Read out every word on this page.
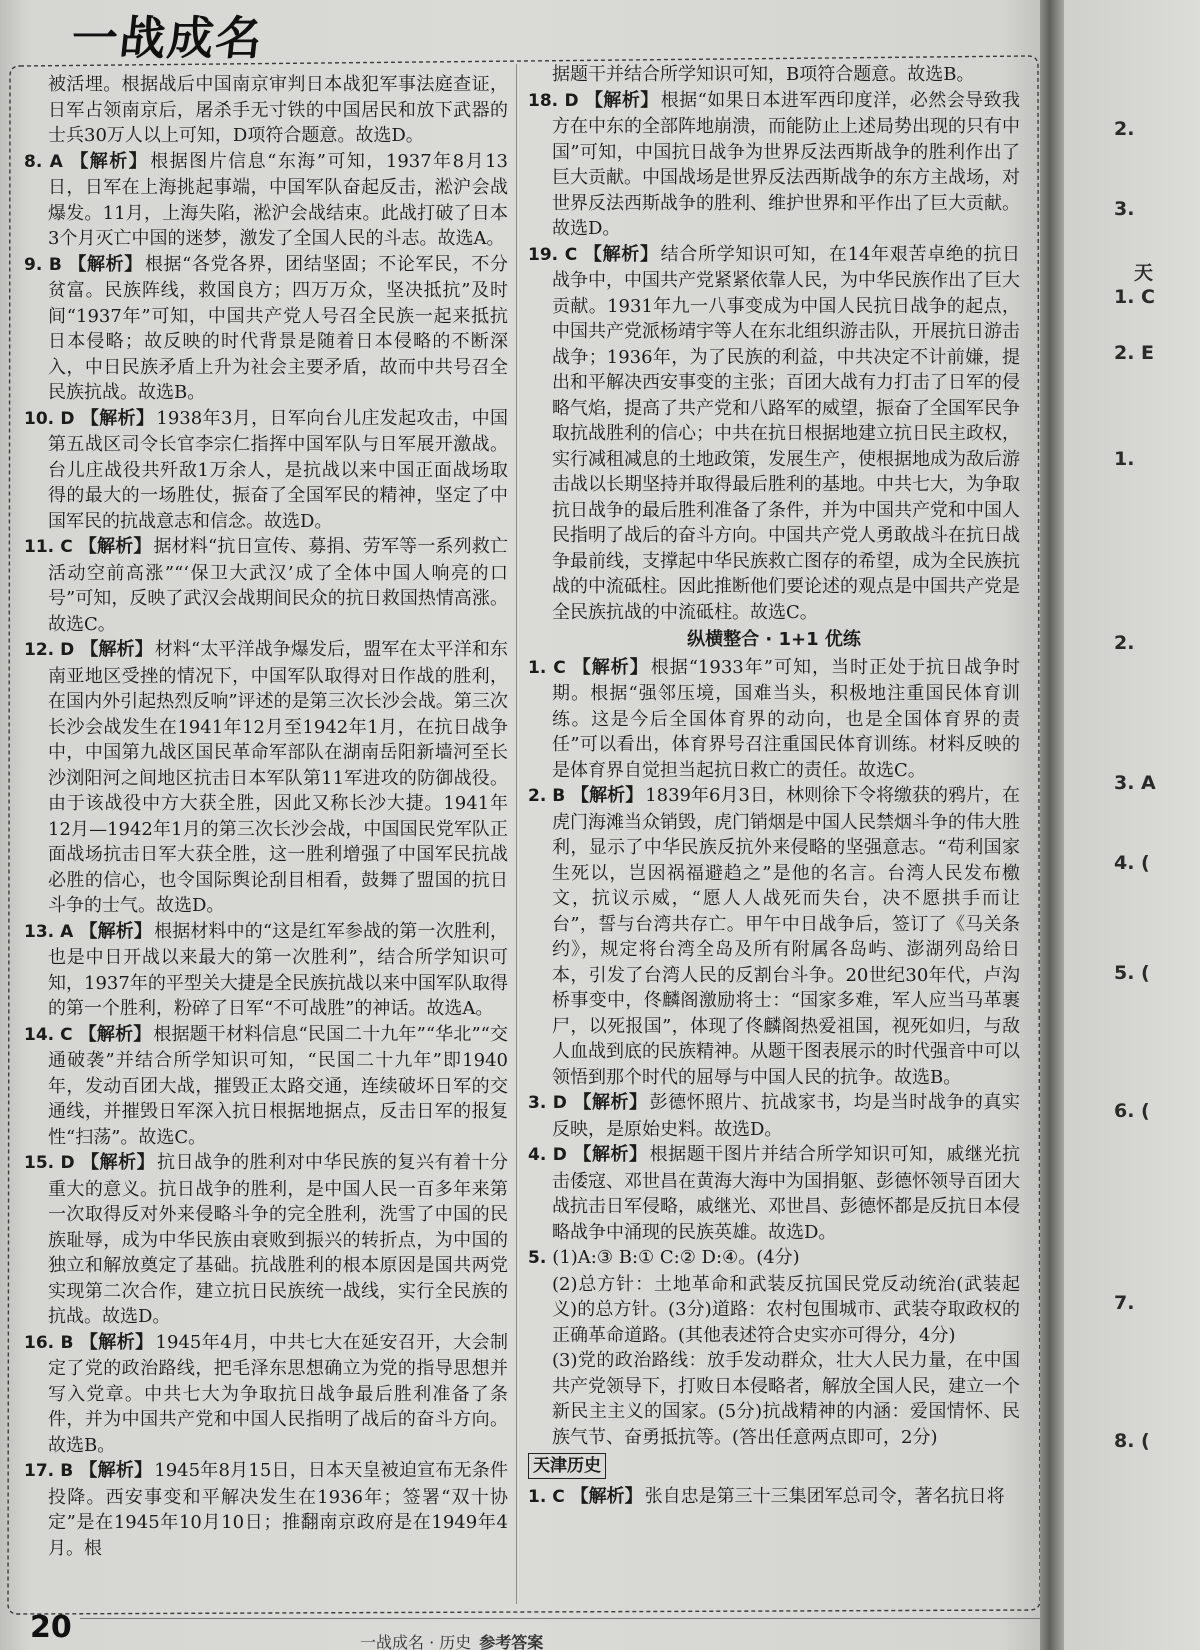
一战成名

被活埋。根据战后中国南京审判日本战犯军事法庭查证，日军占领南京后，屠杀手无寸铁的中国居民和放下武器的士兵30万人以上可知，D项符合题意。故选D。

8. A 【解析】 根据图片信息“东海”可知，1937年8月13日，日军在上海挑起事端，中国军队奋起反击，淞沪会战爆发。11月，上海失陷，淞沪会战结束。此战打破了日本3个月灭亡中国的迷梦，激发了全国人民的斗志。故选A。

9. B 【解析】 根据“各党各界，团结坚固；不论军民，不分贫富。民族阵线，救国良方；四万万众，坚决抵抗”及时间“1937年”可知，中国共产党人号召全民族一起来抵抗日本侵略；故反映的时代背景是随着日本侵略的不断深入，中日民族矛盾上升为社会主要矛盾，故而中共号召全民族抗战。故选B。

10. D 【解析】 1938年3月，日军向台儿庄发起攻击，中国第五战区司令长官李宗仁指挥中国军队与日军展开激战。台儿庄战役共歼敌1万余人，是抗战以来中国正面战场取得的最大的一场胜仗，振奋了全国军民的精神，坚定了中国军民的抗战意志和信念。故选D。

11. C 【解析】 据材料“抗日宣传、募捐、劳军等一系列救亡活动空前高涨”“‘保卫大武汉’成了全体中国人响亮的口号”可知，反映了武汉会战期间民众的抗日救国热情高涨。故选C。

12. D 【解析】 材料“太平洋战争爆发后，盟军在太平洋和东南亚地区受挫的情况下，中国军队取得对日作战的胜利，在国内外引起热烈反响”评述的是第三次长沙会战。第三次长沙会战发生在1941年12月至1942年1月，在抗日战争中，中国第九战区国民革命军部队在湖南岳阳新墙河至长沙浏阳河之间地区抗击日本军队第11军进攻的防御战役。由于该战役中方大获全胜，因此又称长沙大捷。1941年12月—1942年1月的第三次长沙会战，中国国民党军队正面战场抗击日军大获全胜，这一胜利增强了中国军民抗战必胜的信心，也令国际舆论刮目相看，鼓舞了盟国的抗日斗争的士气。故选D。

13. A 【解析】 根据材料中的“这是红军参战的第一次胜利，也是中日开战以来最大的第一次胜利”，结合所学知识可知，1937年的平型关大捷是全民族抗战以来中国军队取得的第一个胜利，粉碎了日军“不可战胜”的神话。故选A。

14. C 【解析】 根据题干材料信息“民国二十九年”“华北”“交通破袭”并结合所学知识可知，“民国二十九年”即1940年，发动百团大战，摧毁正太路交通，连续破坏日军的交通线，并摧毁日军深入抗日根据地据点，反击日军的报复性“扫荡”。故选C。

15. D 【解析】 抗日战争的胜利对中华民族的复兴有着十分重大的意义。抗日战争的胜利，是中国人民一百多年来第一次取得反对外来侵略斗争的完全胜利，洗雪了中国的民族耻辱，成为中华民族由衰败到振兴的转折点，为中国的独立和解放奠定了基础。抗战胜利的根本原因是国共两党实现第二次合作，建立抗日民族统一战线，实行全民族的抗战。故选D。

16. B 【解析】 1945年4月，中共七大在延安召开，大会制定了党的政治路线，把毛泽东思想确立为党的指导思想并写入党章。中共七大为争取抗日战争最后胜利准备了条件，并为中国共产党和中国人民指明了战后的奋斗方向。故选B。

17. B 【解析】 1945年8月15日，日本天皇被迫宣布无条件投降。西安事变和平解决发生在1936年；签署“双十协定”是在1945年10月10日；推翻南京政府是在1949年4月。根

据题干并结合所学知识可知，B项符合题意。故选B。

18. D 【解析】 根据“如果日本进军西印度洋，必然会导致我方在中东的全部阵地崩溃，而能防止上述局势出现的只有中国”可知，中国抗日战争为世界反法西斯战争的胜利作出了巨大贡献。中国战场是世界反法西斯战争的东方主战场，对世界反法西斯战争的胜利、维护世界和平作出了巨大贡献。故选D。

19. C 【解析】 结合所学知识可知，在14年艰苦卓绝的抗日战争中，中国共产党紧紧依靠人民，为中华民族作出了巨大贡献。1931年九一八事变成为中国人民抗日战争的起点，中国共产党派杨靖宇等人在东北组织游击队，开展抗日游击战争；1936年，为了民族的利益，中共决定不计前嫌，提出和平解决西安事变的主张；百团大战有力打击了日军的侵略气焰，提高了共产党和八路军的威望，振奋了全国军民争取抗战胜利的信心；中共在抗日根据地建立抗日民主政权，实行减租减息的土地政策，发展生产，使根据地成为敌后游击战以长期坚持并取得最后胜利的基地。中共七大，为争取抗日战争的最后胜利准备了条件，并为中国共产党和中国人民指明了战后的奋斗方向。中国共产党人勇敢战斗在抗日战争最前线，支撑起中华民族救亡图存的希望，成为全民族抗战的中流砥柱。因此推断他们要论述的观点是中国共产党是全民族抗战的中流砥柱。故选C。

纵横整合 · 1+1 优练

1. C 【解析】 根据“1933年”可知，当时正处于抗日战争时期。根据“强邻压境，国难当头，积极地注重国民体育训练。这是今后全国体育界的动向，也是全国体育界的责任”可以看出，体育界号召注重国民体育训练。材料反映的是体育界自觉担当起抗日救亡的责任。故选C。

2. B 【解析】 1839年6月3日，林则徐下令将缴获的鸦片，在虎门海滩当众销毁，虎门销烟是中国人民禁烟斗争的伟大胜利，显示了中华民族反抗外来侵略的坚强意志。“苟利国家生死以，岂因祸福避趋之”是他的名言。台湾人民发布檄文，抗议示威，“愿人人战死而失台，决不愿拱手而让台”，誓与台湾共存亡。甲午中日战争后，签订了《马关条约》，规定将台湾全岛及所有附属各岛屿、澎湖列岛给日本，引发了台湾人民的反割台斗争。20世纪30年代，卢沟桥事变中，佟麟阁激励将士：“国家多难，军人应当马革裹尸，以死报国”，体现了佟麟阁热爱祖国，视死如归，与敌人血战到底的民族精神。从题干图表展示的时代强音中可以领悟到那个时代的屈辱与中国人民的抗争。故选B。

3. D 【解析】 彭德怀照片、抗战家书，均是当时战争的真实反映，是原始史料。故选D。

4. D 【解析】 根据题干图片并结合所学知识可知，戚继光抗击倭寇、邓世昌在黄海大海中为国捐躯、彭德怀领导百团大战抗击日军侵略，戚继光、邓世昌、彭德怀都是反抗日本侵略战争中涌现的民族英雄。故选D。

5. (1)A:③ B:① C:② D:④。(4分)

(2)总方针：土地革命和武装反抗国民党反动统治(武装起义)的总方针。(3分)道路：农村包围城市、武装夺取政权的正确革命道路。(其他表述符合史实亦可得分，4分)

(3)党的政治路线：放手发动群众，壮大人民力量，在中国共产党领导下，打败日本侵略者，解放全国人民，建立一个新民主主义的国家。(5分)抗战精神的内涵：爱国情怀、民族气节、奋勇抵抗等。(答出任意两点即可，2分)

天津历史

1. C 【解析】 张自忠是第三十三集团军总司令，著名抗日将

20	一战成名 · 历史 参考答案
2.
3.
天
1. C
2. E
1.
2.
3. A
4. (
5. (
6. (
7.
8. (
